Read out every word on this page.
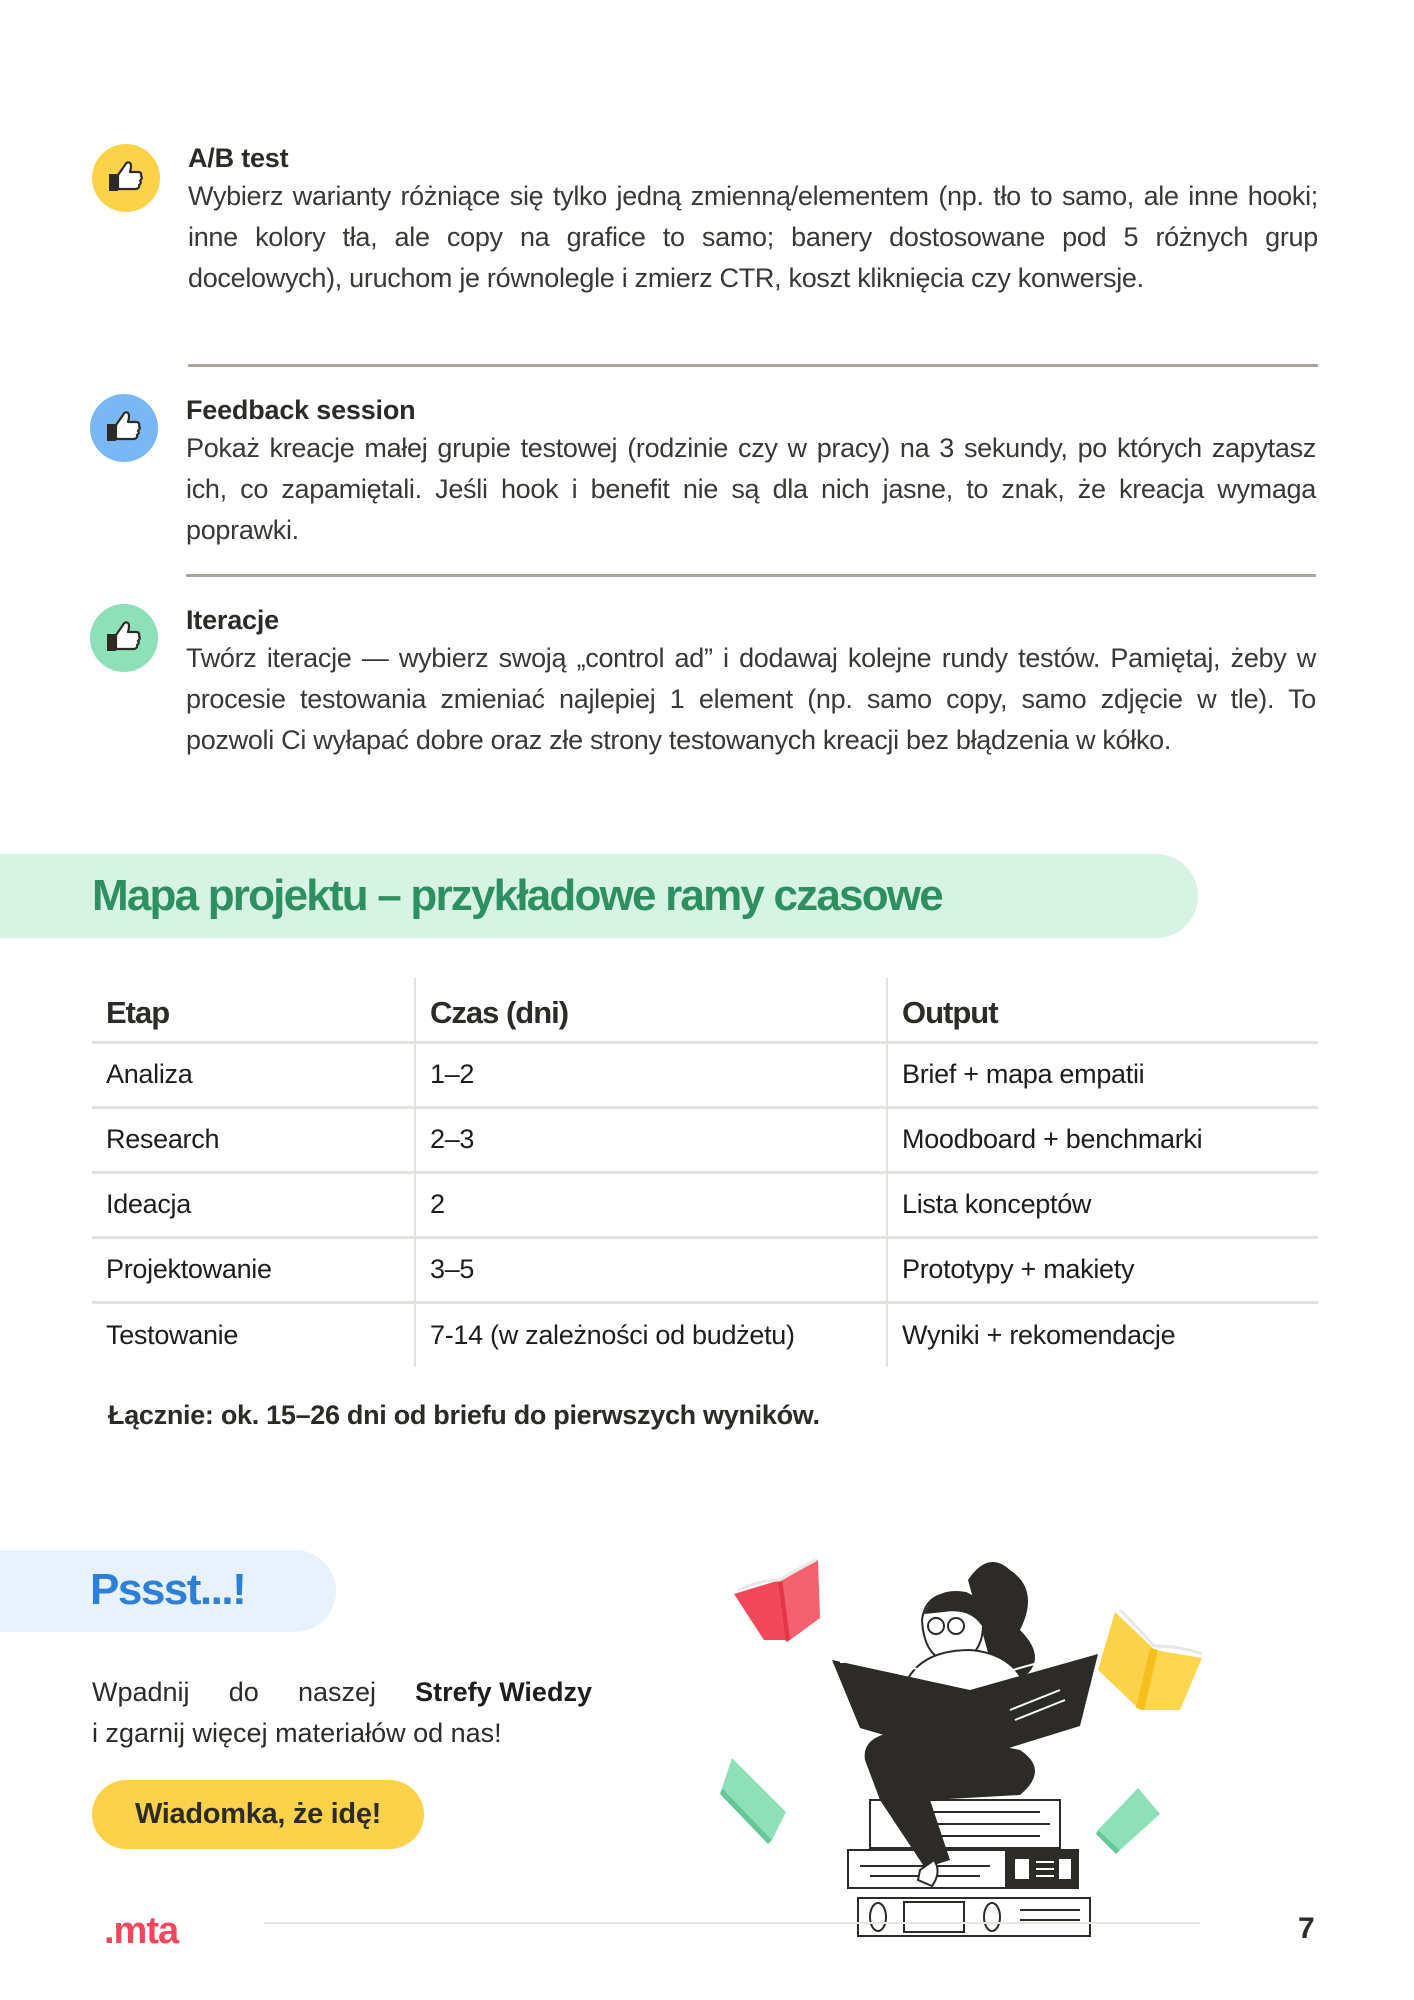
A/B test
Wybierz warianty różniące się tylko jedną zmienną/elementem (np. tło to samo, ale inne hooki; inne kolory tła, ale copy na grafice to samo; banery dostosowane pod 5 różnych grup docelowych), uruchom je równolegle i zmierz CTR, koszt kliknięcia czy konwersje.
Feedback session
Pokaż kreacje małej grupie testowej (rodzinie czy w pracy) na 3 sekundy, po których zapytasz ich, co zapamiętali. Jeśli hook i benefit nie są dla nich jasne, to znak, że kreacja wymaga poprawki.
Iteracje
Twórz iteracje — wybierz swoją „control ad” i dodawaj kolejne rundy testów. Pamiętaj, żeby w procesie testowania zmieniać najlepiej 1 element (np. samo copy, samo zdjęcie w tle). To pozwoli Ci wyłapać dobre oraz złe strony testowanych kreacji bez błądzenia w kółko.
Mapa projektu – przykładowe ramy czasowe
Etap	Czas (dni)	Output
Analiza	1–2	Brief + mapa empatii
Research	2–3	Moodboard + benchmarki
Ideacja	2	Lista konceptów
Projektowanie	3–5	Prototypy + makiety
Testowanie	7-14 (w zależności od budżetu)	Wyniki + rekomendacje
Łącznie: ok. 15–26 dni od briefu do pierwszych wyników.
Pssst...!
Wpadnij do naszej Strefy Wiedzy
i zgarnij więcej materiałów od nas!
Wiadomka, że idę!
.mta	7
